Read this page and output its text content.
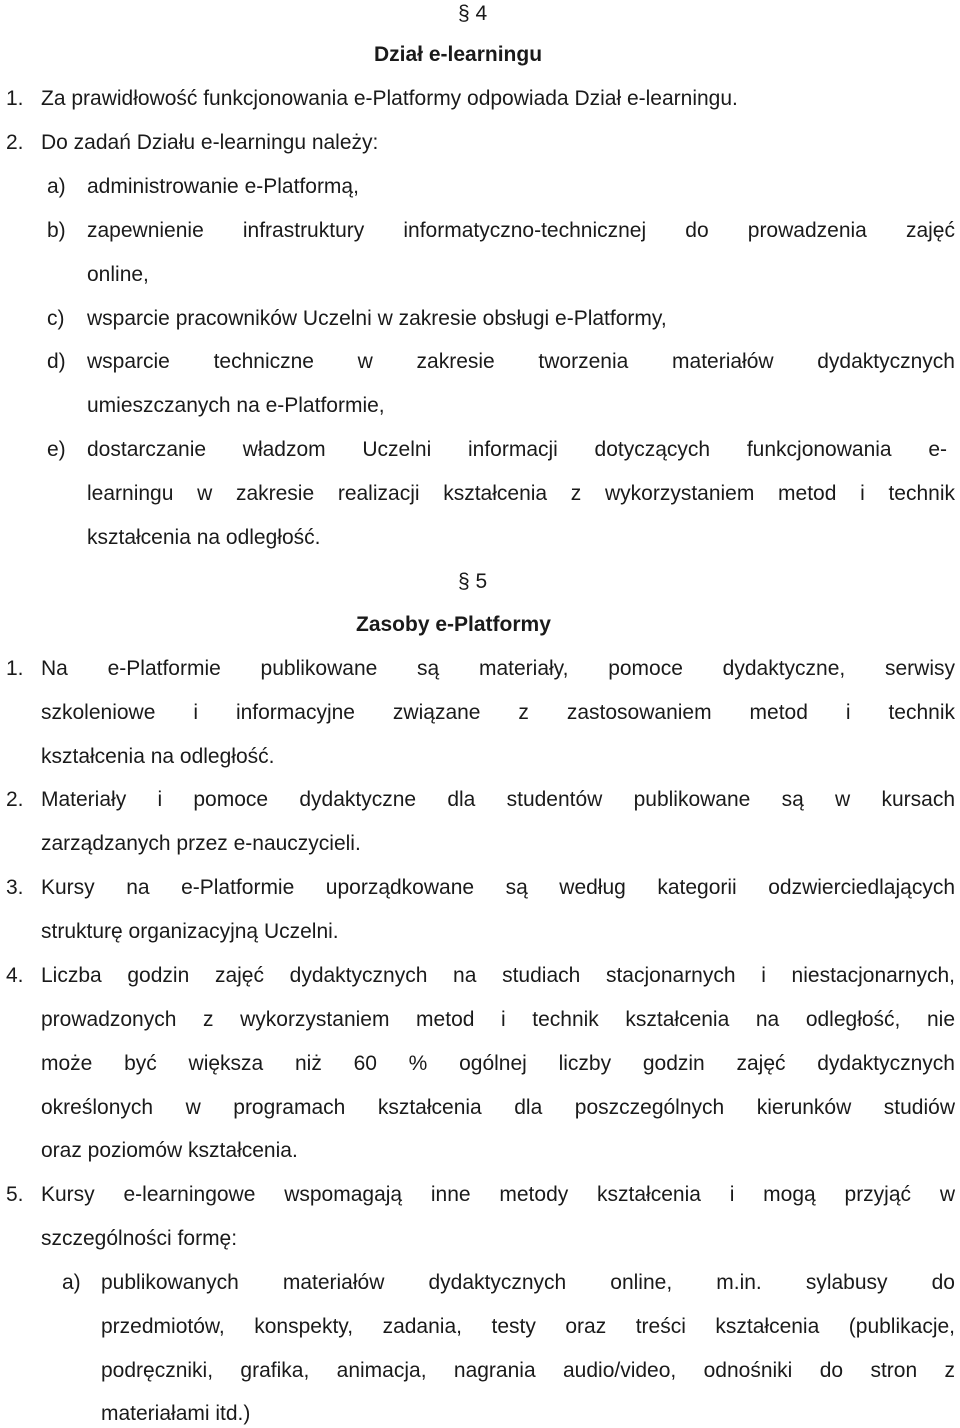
§ 4
Dział e-learningu
1. Za prawidłowość funkcjonowania e-Platformy odpowiada Dział e-learningu.
2. Do zadań Działu e-learningu należy:
a) administrowanie e-Platformą,
b) zapewnienie infrastruktury informatyczno-technicznej do prowadzenia zajęć
online,
c) wsparcie pracowników Uczelni w zakresie obsługi e-Platformy,
d) wsparcie techniczne w zakresie tworzenia materiałów dydaktycznych
umieszczanych na e-Platformie,
e) dostarczanie władzom Uczelni informacji dotyczących funkcjonowania e-
learningu w zakresie realizacji kształcenia z wykorzystaniem metod i technik
kształcenia na odległość.
§ 5
Zasoby e-Platformy
1. Na e-Platformie publikowane są materiały, pomoce dydaktyczne, serwisy
szkoleniowe i informacyjne związane z zastosowaniem metod i technik
kształcenia na odległość.
2. Materiały i pomoce dydaktyczne dla studentów publikowane są w kursach
zarządzanych przez e-nauczycieli.
3. Kursy na e-Platformie uporządkowane są według kategorii odzwierciedlających
strukturę organizacyjną Uczelni.
4. Liczba godzin zajęć dydaktycznych na studiach stacjonarnych i niestacjonarnych,
prowadzonych z wykorzystaniem metod i technik kształcenia na odległość, nie
może być większa niż 60 % ogólnej liczby godzin zajęć dydaktycznych
określonych w programach kształcenia dla poszczególnych kierunków studiów
oraz poziomów kształcenia.
5. Kursy e-learningowe wspomagają inne metody kształcenia i mogą przyjąć w
szczególności formę:
a) publikowanych materiałów dydaktycznych online, m.in. sylabusy do
przedmiotów, konspekty, zadania, testy oraz treści kształcenia (publikacje,
podręczniki, grafika, animacja, nagrania audio/video, odnośniki do stron z
materiałami itd.)
